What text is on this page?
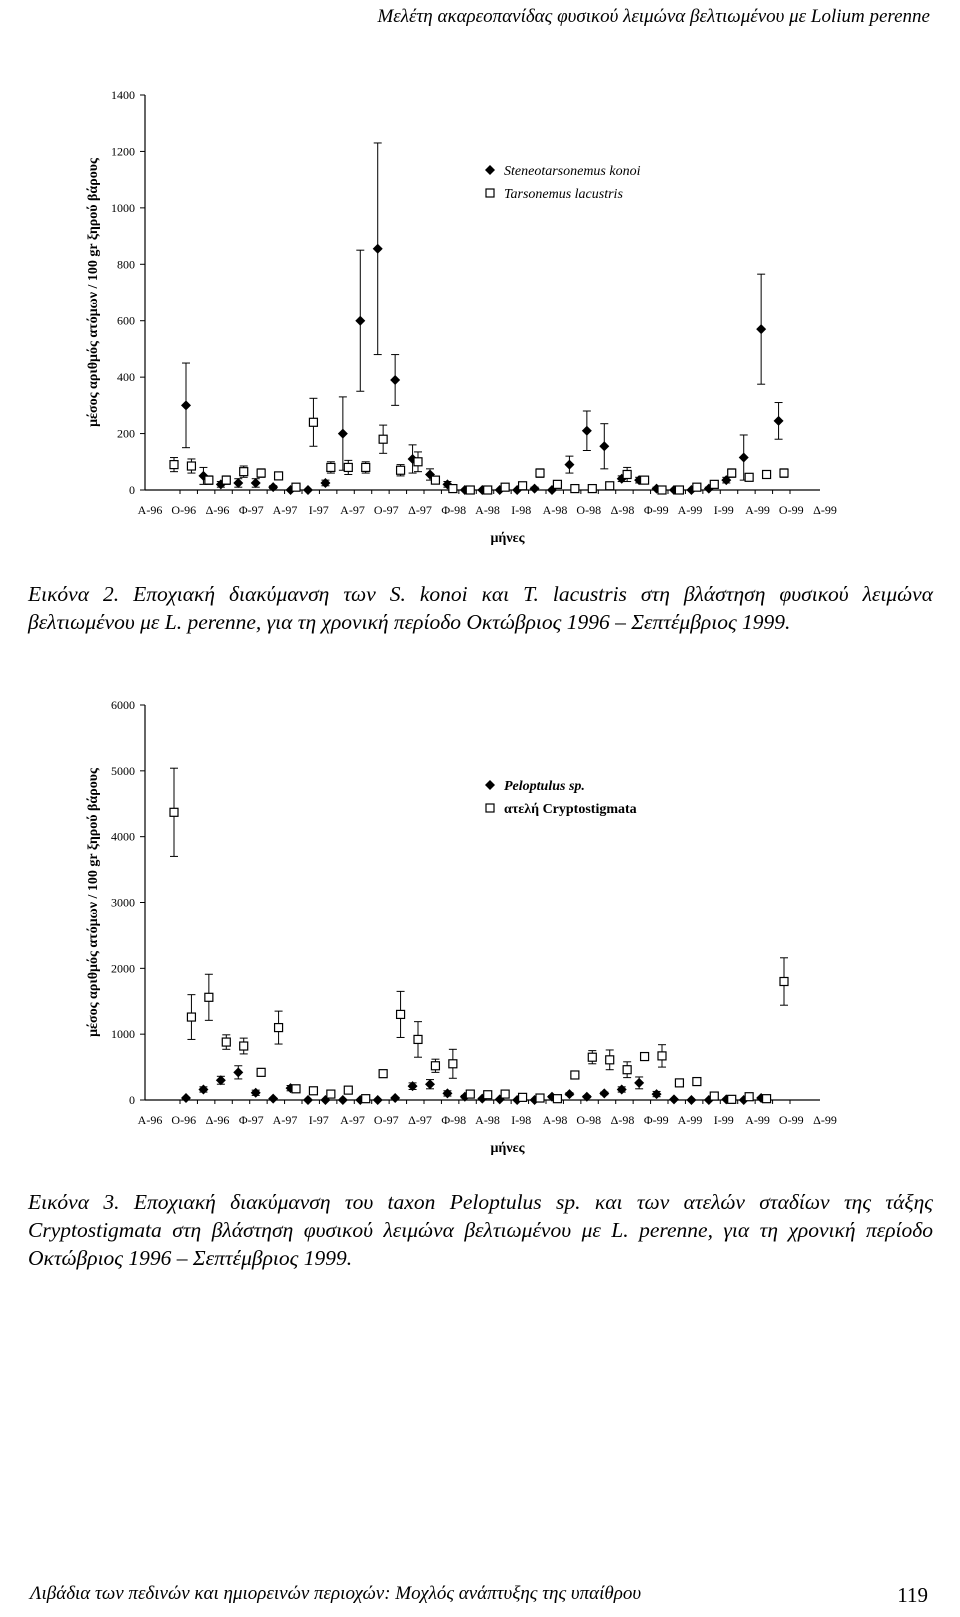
Μελέτη ακαρεοπανίδας φυσικού λειμώνα βελτιωμένου με Lolium perenne
0
200
400
600
800
1000
1200
1400
Α-96 Ο-96 Δ-96 Φ-97 Α-97 Ι-97 Α-97 Ο-97 Δ-97 Φ-98 Α-98 Ι-98 Α-98 Ο-98 Δ-98 Φ-99 Α-99 Ι-99 Α-99 Ο-99 Δ-99
μήνες
μέσος αριθμός ατόμων / 100 gr ξηρού βάρους	Steneotarsonemus konoi
Tarsonemus lacustris
Εικόνα 2. Εποχιακή διακύμανση των S. konoi και T. lacustris στη βλάστηση φυσικού λειμώνα βελτιωμένου με L. perenne, για τη χρονική περίοδο Οκτώβριος 1996 – Σεπτέμβριος 1999.
0
1000
2000
3000
4000
5000
6000
Α-96 Ο-96 Δ-96 Φ-97 Α-97 Ι-97 Α-97 Ο-97 Δ-97 Φ-98 Α-98 Ι-98 Α-98 Ο-98 Δ-98 Φ-99 Α-99 Ι-99 Α-99 Ο-99 Δ-99
μήνες
μέσος αριθμός ατόμων / 100 gr ξηρού βάρους	Peloptulus sp.
ατελή Cryptostigmata
Εικόνα 3. Εποχιακή διακύμανση του taxon Peloptulus sp. και των ατελών σταδίων της τάξης Cryptostigmata στη βλάστηση φυσικού λειμώνα βελτιωμένου με L. perenne, για τη χρονική περίοδο Οκτώβριος 1996 – Σεπτέμβριος 1999.
Λιβάδια των πεδινών και ημιορεινών περιοχών: Μοχλός ανάπτυξης της υπαίθρου	119
